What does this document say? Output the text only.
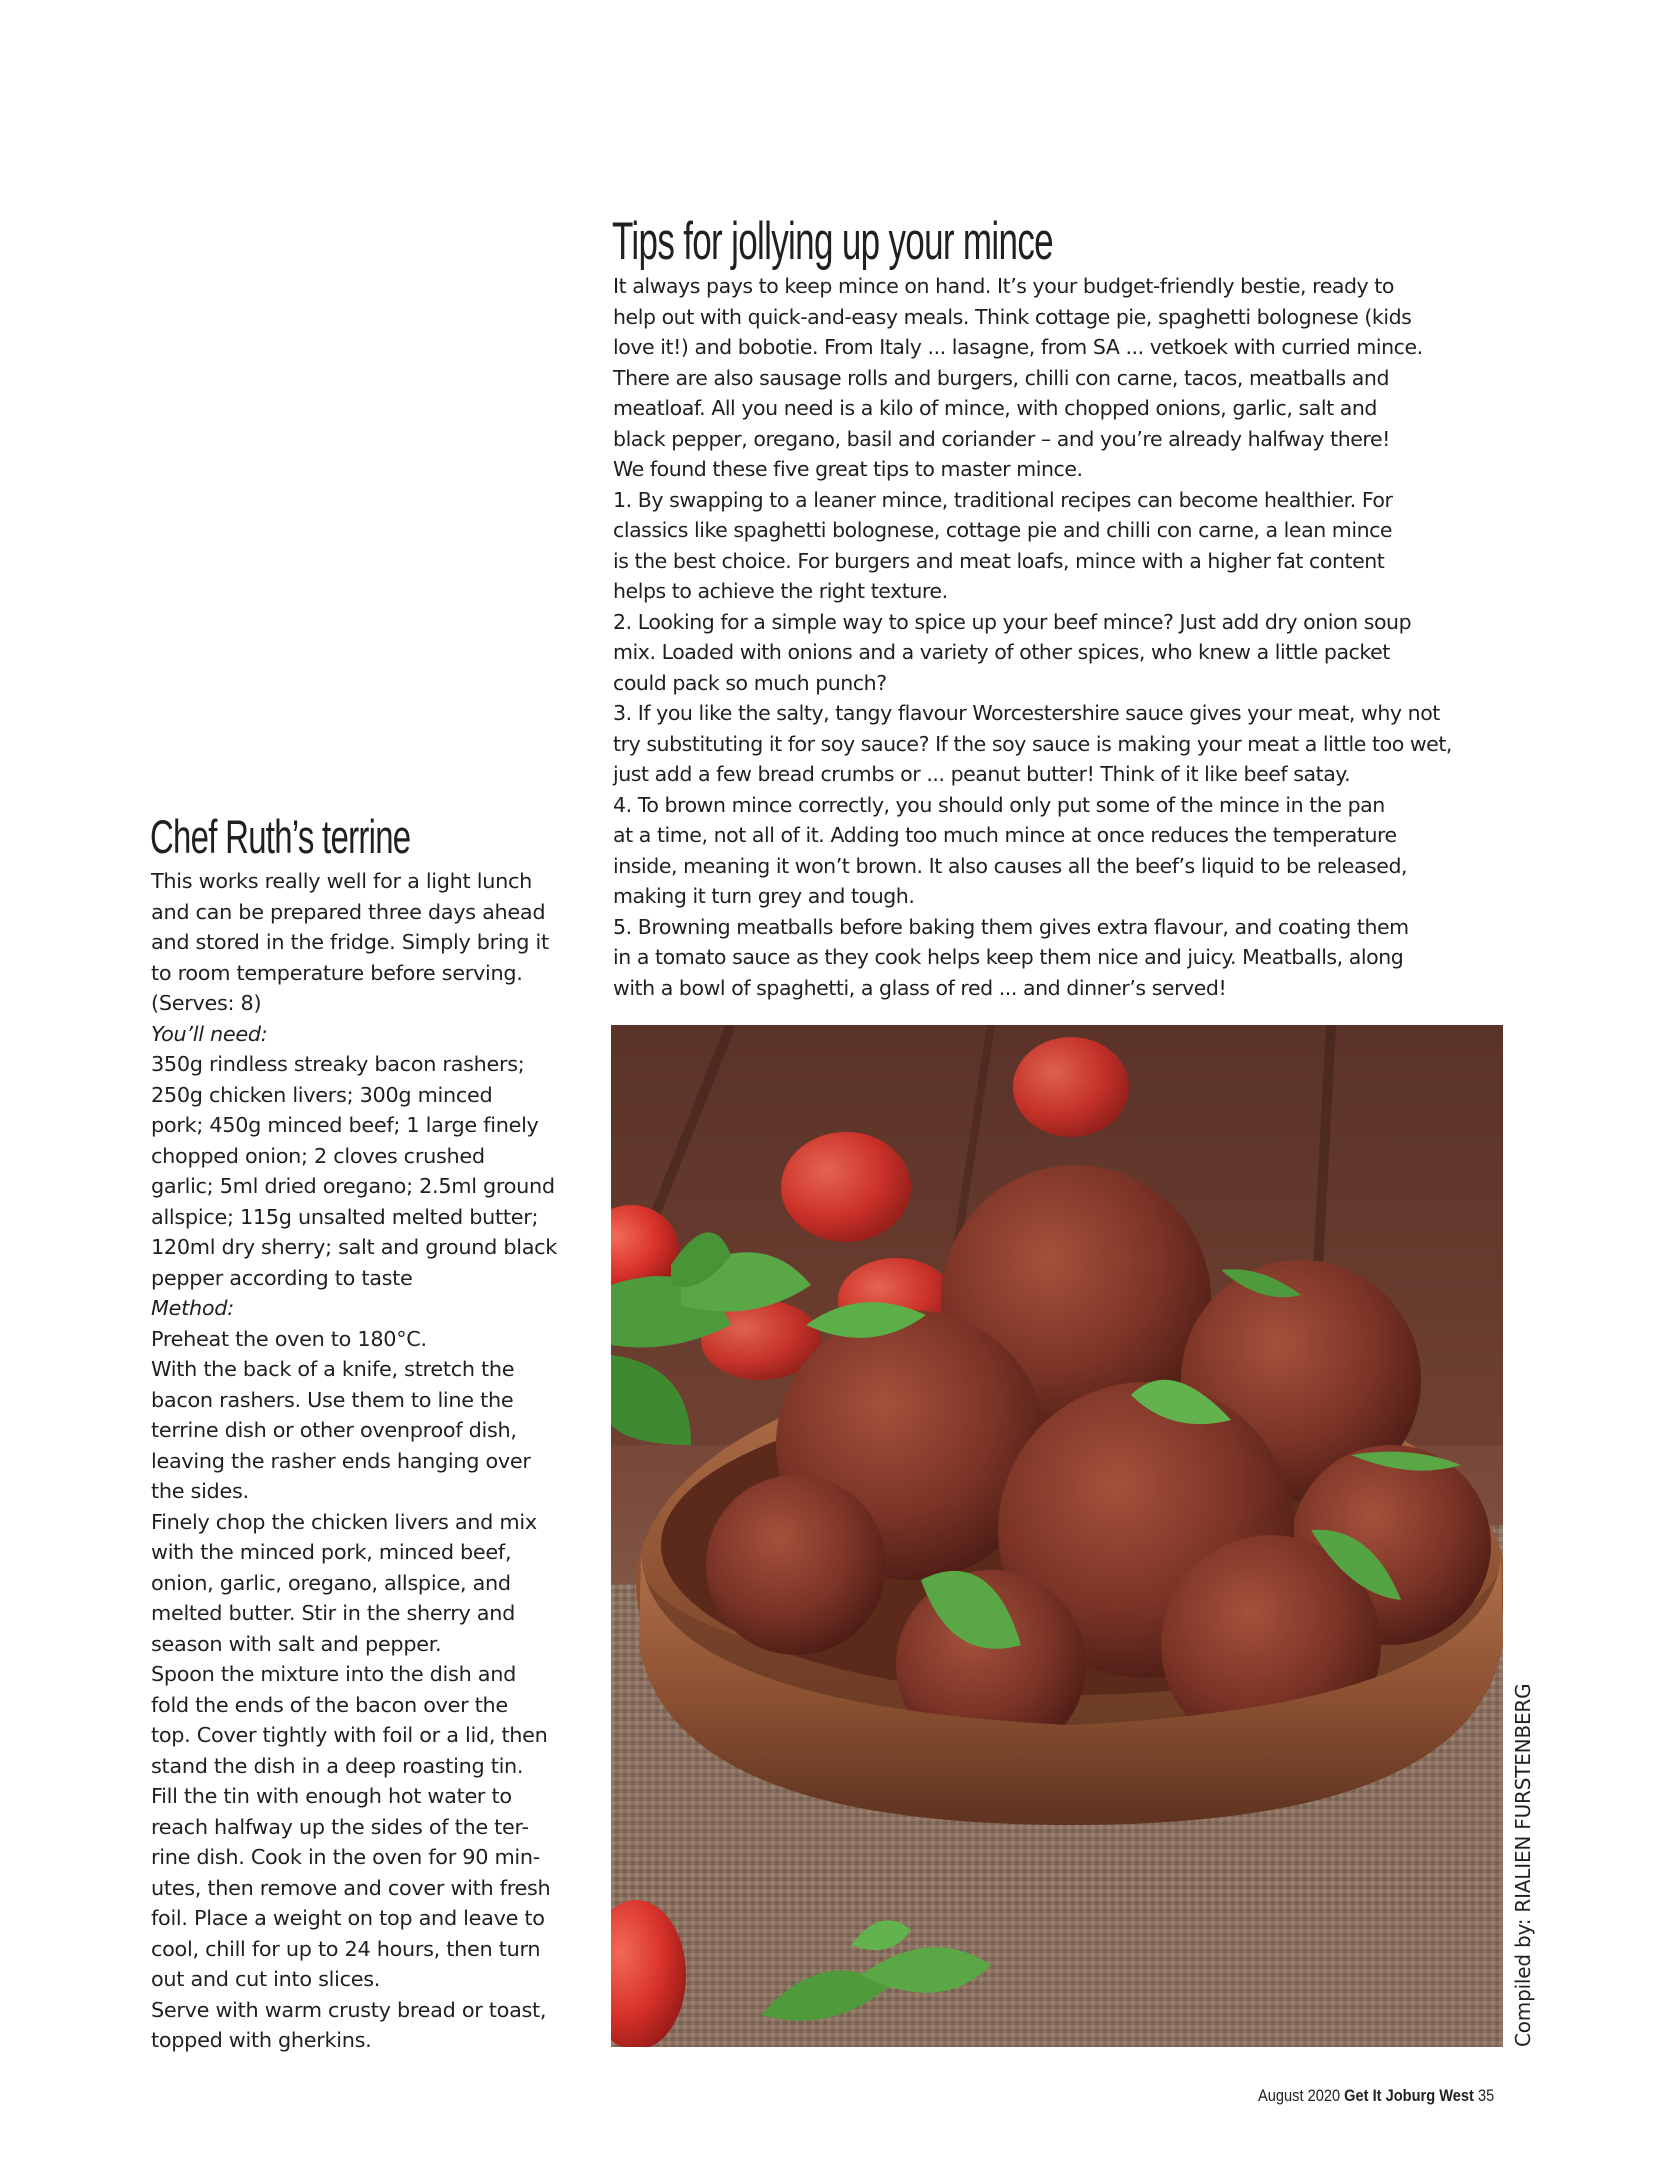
Tips for jollying up your mince
It always pays to keep mince on hand. It’s your budget-friendly bestie, ready to
help out with quick-and-easy meals. Think cottage pie, spaghetti bolognese (kids
love it!) and bobotie. From Italy ... lasagne, from SA ... vetkoek with curried mince.
There are also sausage rolls and burgers, chilli con carne, tacos, meatballs and
meatloaf. All you need is a kilo of mince, with chopped onions, garlic, salt and
black pepper, oregano, basil and coriander – and you’re already halfway there!
We found these five great tips to master mince.
1. By swapping to a leaner mince, traditional recipes can become healthier. For
classics like spaghetti bolognese, cottage pie and chilli con carne, a lean mince
is the best choice. For burgers and meat loafs, mince with a higher fat content
helps to achieve the right texture.
2. Looking for a simple way to spice up your beef mince? Just add dry onion soup
mix. Loaded with onions and a variety of other spices, who knew a little packet
could pack so much punch?
3. If you like the salty, tangy flavour Worcestershire sauce gives your meat, why not
try substituting it for soy sauce? If the soy sauce is making your meat a little too wet,
just add a few bread crumbs or ... peanut butter! Think of it like beef satay.
4. To brown mince correctly, you should only put some of the mince in the pan
at a time, not all of it. Adding too much mince at once reduces the temperature
inside, meaning it won’t brown. It also causes all the beef’s liquid to be released,
making it turn grey and tough.
5. Browning meatballs before baking them gives extra flavour, and coating them
in a tomato sauce as they cook helps keep them nice and juicy. Meatballs, along
with a bowl of spaghetti, a glass of red ... and dinner’s served!
Chef Ruth’s terrine
This works really well for a light lunch
and can be prepared three days ahead
and stored in the fridge. Simply bring it
to room temperature before serving.
(Serves: 8)
You’ll need:
350g rindless streaky bacon rashers;
250g chicken livers; 300g minced
pork; 450g minced beef; 1 large finely
chopped onion; 2 cloves crushed
garlic; 5ml dried oregano; 2.5ml ground
allspice; 115g unsalted melted butter;
120ml dry sherry; salt and ground black
pepper according to taste
Method:
Preheat the oven to 180°C.
With the back of a knife, stretch the
bacon rashers. Use them to line the
terrine dish or other ovenproof dish,
leaving the rasher ends hanging over
the sides.
Finely chop the chicken livers and mix
with the minced pork, minced beef,
onion, garlic, oregano, allspice, and
melted butter. Stir in the sherry and
season with salt and pepper.
Spoon the mixture into the dish and
fold the ends of the bacon over the
top. Cover tightly with foil or a lid, then
stand the dish in a deep roasting tin.
Fill the tin with enough hot water to
reach halfway up the sides of the ter-
rine dish. Cook in the oven for 90 min-
utes, then remove and cover with fresh
foil. Place a weight on top and leave to
cool, chill for up to 24 hours, then turn
out and cut into slices.
Serve with warm crusty bread or toast,
topped with gherkins.	Compiled by: RIALIEN FURSTENBERG
August 2020 Get It Joburg West 35
